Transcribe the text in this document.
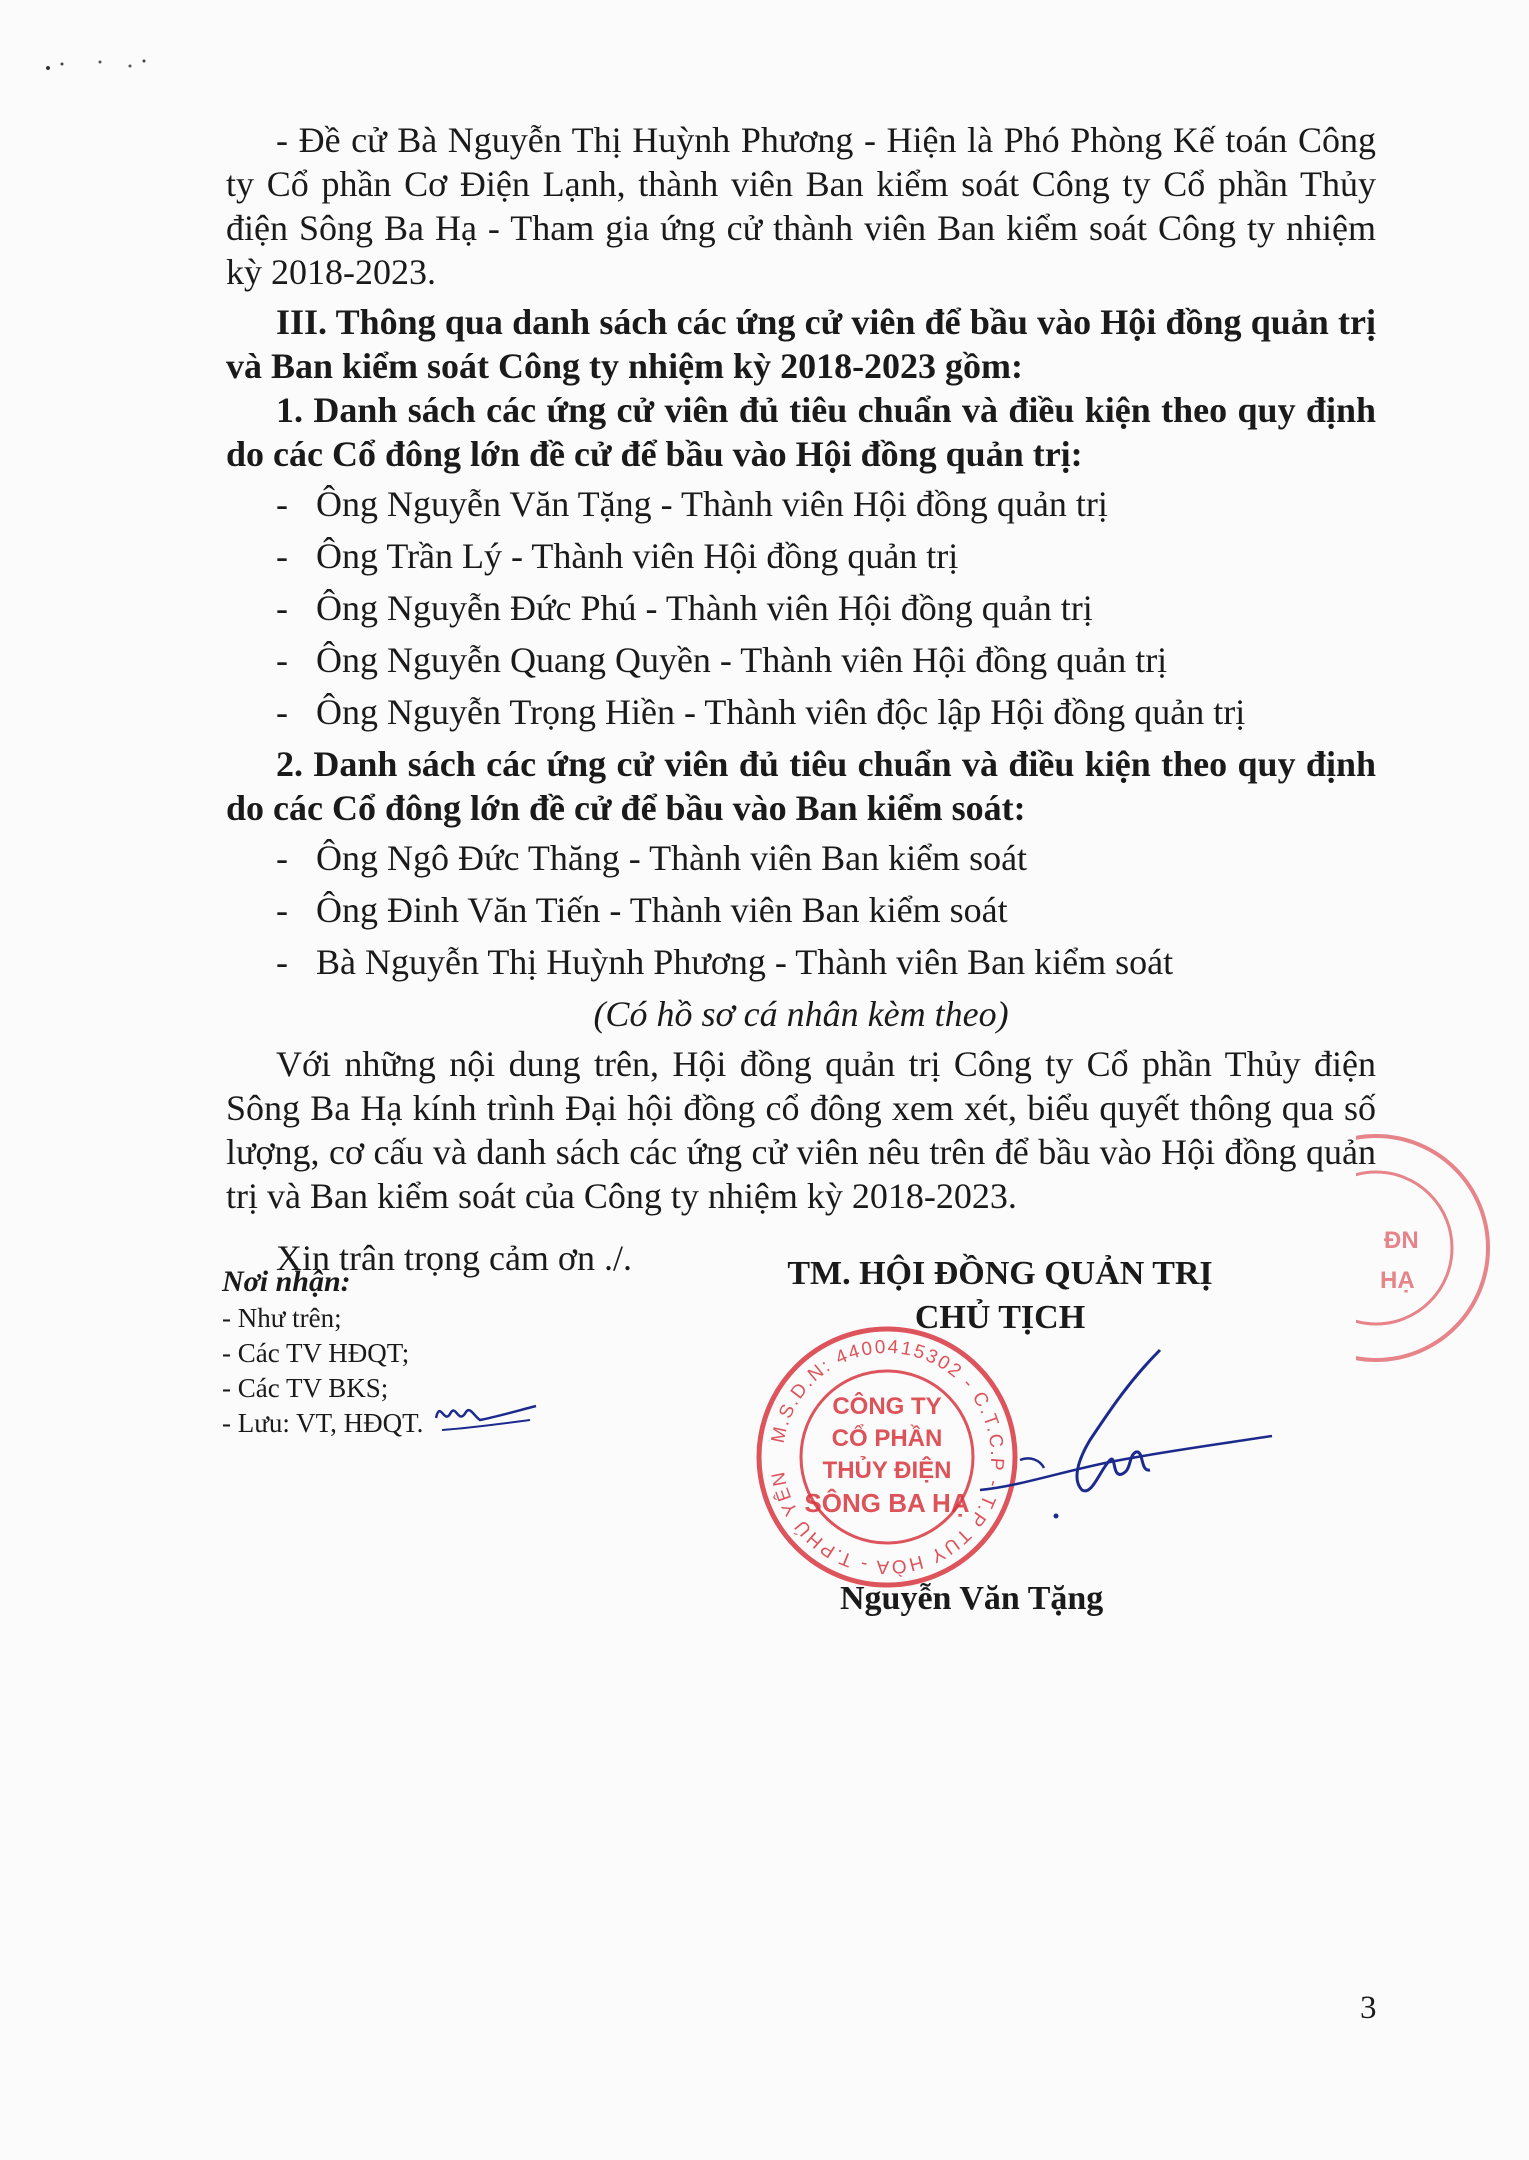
- Đề cử Bà Nguyễn Thị Huỳnh Phương - Hiện là Phó Phòng Kế toán Công ty Cổ phần Cơ Điện Lạnh, thành viên Ban kiểm soát Công ty Cổ phần Thủy điện Sông Ba Hạ - Tham gia ứng cử thành viên Ban kiểm soát Công ty nhiệm kỳ 2018-2023.

III. Thông qua danh sách các ứng cử viên để bầu vào Hội đồng quản trị và Ban kiểm soát Công ty nhiệm kỳ 2018-2023 gồm:

1. Danh sách các ứng cử viên đủ tiêu chuẩn và điều kiện theo quy định do các Cổ đông lớn đề cử để bầu vào Hội đồng quản trị:

- Ông Nguyễn Văn Tặng - Thành viên Hội đồng quản trị
- Ông Trần Lý - Thành viên Hội đồng quản trị
- Ông Nguyễn Đức Phú - Thành viên Hội đồng quản trị
- Ông Nguyễn Quang Quyền - Thành viên Hội đồng quản trị
- Ông Nguyễn Trọng Hiền - Thành viên độc lập Hội đồng quản trị

2. Danh sách các ứng cử viên đủ tiêu chuẩn và điều kiện theo quy định do các Cổ đông lớn đề cử để bầu vào Ban kiểm soát:

- Ông Ngô Đức Thăng - Thành viên Ban kiểm soát
- Ông Đinh Văn Tiến - Thành viên Ban kiểm soát
- Bà Nguyễn Thị Huỳnh Phương - Thành viên Ban kiểm soát

(Có hồ sơ cá nhân kèm theo)

Với những nội dung trên, Hội đồng quản trị Công ty Cổ phần Thủy điện Sông Ba Hạ kính trình Đại hội đồng cổ đông xem xét, biểu quyết thông qua số lượng, cơ cấu và danh sách các ứng cử viên nêu trên để bầu vào Hội đồng quản trị và Ban kiểm soát của Công ty nhiệm kỳ 2018-2023.

Xin trân trọng cảm ơn ./.

Nơi nhận:
- Như trên;
- Các TV HĐQT;
- Các TV BKS;
- Lưu: VT, HĐQT.
TM. HỘI ĐỒNG QUẢN TRỊ
CHỦ TỊCH
M.S.D.N: 4400415302 - C.T.C.P - T.P TUY HÒA - T.PHÚ YÊN
CÔNG TY
CỔ PHẦN
THỦY ĐIỆN
SÔNG BA HẠ
ĐN
HẠ
Nguyễn Văn Tặng
3
